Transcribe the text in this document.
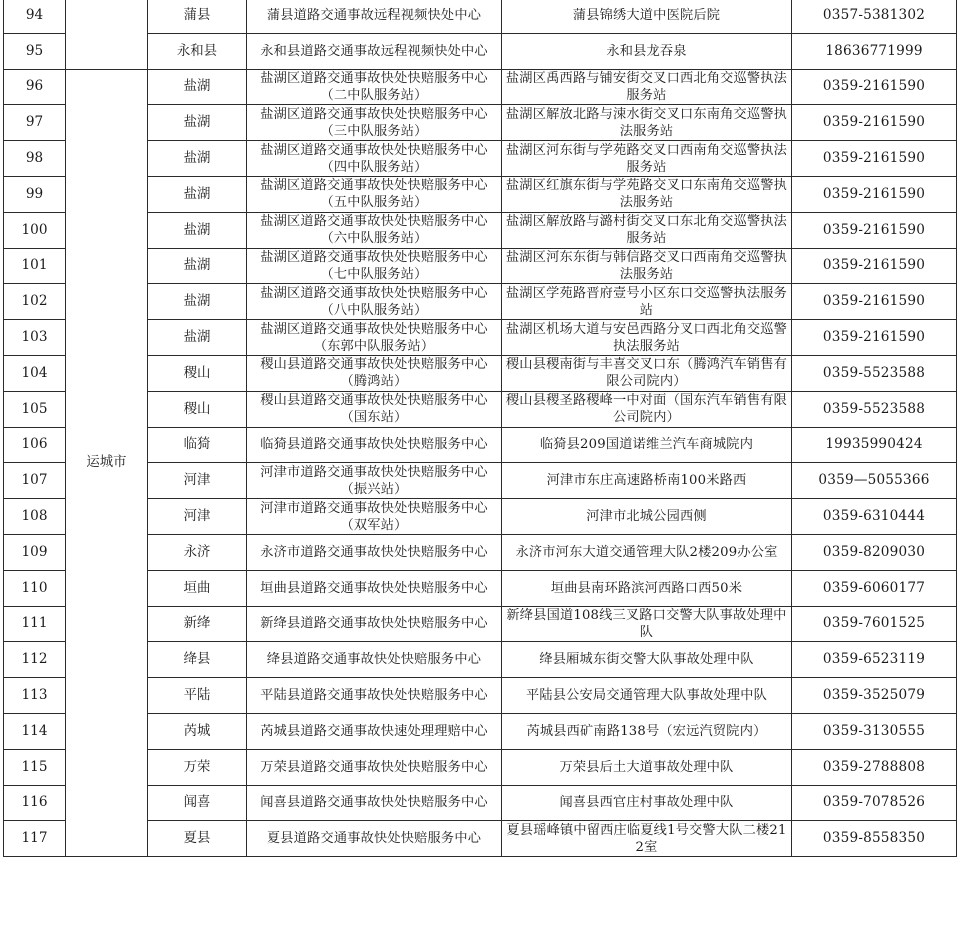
94		蒲县	蒲县道路交通事故远程视频快处中心	蒲县锦绣大道中医院后院	0357-5381302
95		永和县	永和县道路交通事故远程视频快处中心	永和县龙吞泉	18636771999
96	运城市	盐湖	盐湖区道路交通事故快处快赔服务中心（二中队服务站）	盐湖区禹西路与铺安街交叉口西北角交巡警执法服务站	0359-2161590
97		盐湖	盐湖区道路交通事故快处快赔服务中心（三中队服务站）	盐湖区解放北路与涑水街交叉口东南角交巡警执法服务站	0359-2161590
98		盐湖	盐湖区道路交通事故快处快赔服务中心（四中队服务站）	盐湖区河东街与学苑路交叉口西南角交巡警执法服务站	0359-2161590
99		盐湖	盐湖区道路交通事故快处快赔服务中心（五中队服务站）	盐湖区红旗东街与学苑路交叉口东南角交巡警执法服务站	0359-2161590
100		盐湖	盐湖区道路交通事故快处快赔服务中心（六中队服务站）	盐湖区解放路与潞村街交叉口东北角交巡警执法服务站	0359-2161590
101		盐湖	盐湖区道路交通事故快处快赔服务中心（七中队服务站）	盐湖区河东东街与韩信路交叉口西南角交巡警执法服务站	0359-2161590
102		盐湖	盐湖区道路交通事故快处快赔服务中心（八中队服务站）	盐湖区学苑路晋府壹号小区东口交巡警执法服务站	0359-2161590
103		盐湖	盐湖区道路交通事故快处快赔服务中心（东郭中队服务站）	盐湖区机场大道与安邑西路分叉口西北角交巡警执法服务站	0359-2161590
104		稷山	稷山县道路交通事故快处快赔服务中心（腾鸿站）	稷山县稷南街与丰喜交叉口东（腾鸿汽车销售有限公司院内）	0359-5523588
105		稷山	稷山县道路交通事故快处快赔服务中心（国东站）	稷山县稷圣路稷峰一中对面（国东汽车销售有限公司院内）	0359-5523588
106		临猗	临猗县道路交通事故快处快赔服务中心	临猗县209国道诺维兰汽车商城院内	19935990424
107		河津	河津市道路交通事故快处快赔服务中心（振兴站）	河津市东庄高速路桥南100米路西	0359—5055366
108		河津	河津市道路交通事故快处快赔服务中心（双军站）	河津市北城公园西侧	0359-6310444
109		永济	永济市道路交通事故快处快赔服务中心	永济市河东大道交通管理大队2楼209办公室	0359-8209030
110		垣曲	垣曲县道路交通事故快处快赔服务中心	垣曲县南环路滨河西路口西50米	0359-6060177
111		新绛	新绛县道路交通事故快处快赔服务中心	新绛县国道108线三叉路口交警大队事故处理中队	0359-7601525
112		绛县	绛县道路交通事故快处快赔服务中心	绛县厢城东街交警大队事故处理中队	0359-6523119
113		平陆	平陆县道路交通事故快处快赔服务中心	平陆县公安局交通管理大队事故处理中队	0359-3525079
114		芮城	芮城县道路交通事故快速处理理赔中心	芮城县西矿南路138号（宏远汽贸院内）	0359-3130555
115		万荣	万荣县道路交通事故快处快赔服务中心	万荣县后土大道事故处理中队	0359-2788808
116		闻喜	闻喜县道路交通事故快处快赔服务中心	闻喜县西官庄村事故处理中队	0359-7078526
117		夏县	夏县道路交通事故快处快赔服务中心	夏县瑶峰镇中留西庄临夏线1号交警大队二楼212室	0359-8558350
